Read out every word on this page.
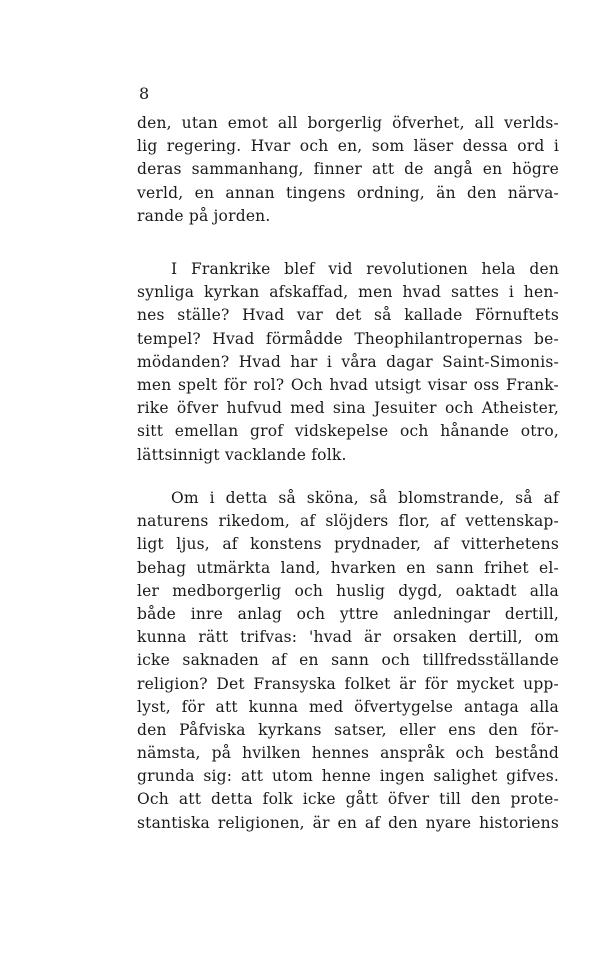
8
den, utan emot all borgerlig öfverhet, all verlds-
lig regering. Hvar och en, som läser dessa ord i
deras sammanhang, finner att de angå en högre
verld, en annan tingens ordning, än den närva-
rande på jorden.
I Frankrike blef vid revolutionen hela den
synliga kyrkan afskaffad, men hvad sattes i hen-
nes ställe? Hvad var det så kallade Förnuftets
tempel? Hvad förmådde Theophilantropernas be-
mödanden? Hvad har i våra dagar Saint-Simonis-
men spelt för rol? Och hvad utsigt visar oss Frank-
rike öfver hufvud med sina Jesuiter och Atheister,
sitt emellan grof vidskepelse och hånande otro,
lättsinnigt vacklande folk.
Om i detta så sköna, så blomstrande, så af
naturens rikedom, af slöjders flor, af vettenskap-
ligt ljus, af konstens prydnader, af vitterhetens
behag utmärkta land, hvarken en sann frihet el-
ler medborgerlig och huslig dygd, oaktadt alla
både inre anlag och yttre anledningar dertill,
kunna rätt trifvas: 'hvad är orsaken dertill, om
icke saknaden af en sann och tillfredsställande
religion? Det Fransyska folket är för mycket upp-
lyst, för att kunna med öfvertygelse antaga alla
den Påfviska kyrkans satser, eller ens den för-
nämsta, på hvilken hennes anspråk och bestånd
grunda sig: att utom henne ingen salighet gifves.
Och att detta folk icke gått öfver till den prote-
stantiska religionen, är en af den nyare historiens
